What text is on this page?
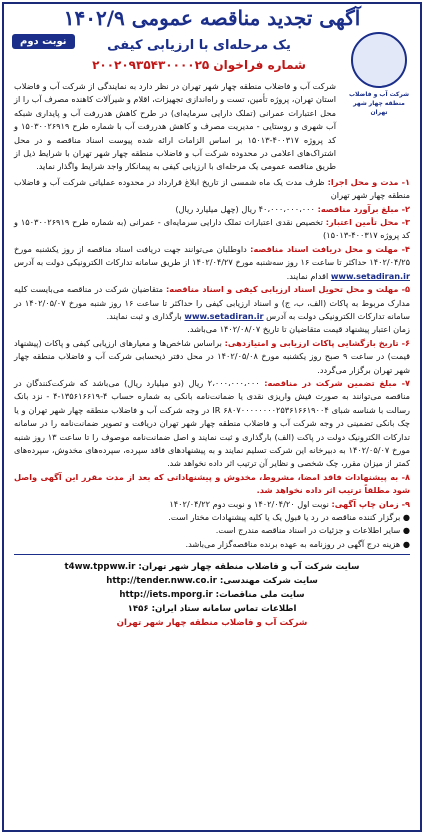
آگهی تجدید مناقصه عمومی ۱۴۰۲/۹
نوبت دوم
شرکت آب و فاضلاب منطقه چهار شهر تهران
یک مرحله‌ای با ارزیابی کیفی
شماره فراخوان ۲۰۰۲۰۹۳۵۴۳۰۰۰۰۲۵

شرکت آب و فاضلاب منطقه چهار شهر تهران در نظر دارد به نمایندگی از شرکت آب و فاضلاب استان تهران، پروژه تأمین، تست و راه‌اندازی تجهیزات، اقلام و شیرآلات کاهنده مصرف آب را از محل اعتبارات عمرانی (تملک دارایی سرمایه‌ای) در طرح کاهش هدررفت آب و پایداری شبکه آب شهری و روستایی - مدیریت مصرف و کاهش هدررفت آب با شماره طرح ۱۵۰۳۰۰۲۶۹۱۹ و کد پروژه ۴۰۰۳۱۷-۱۵۰۱۳ بر اساس الزامات ارائه شده پیوست اسناد مناقصه و در محل اشتراک‌های اعلامی در محدوده شرکت آب و فاضلاب منطقه چهار شهر تهران با شرایط ذیل از طریق مناقصه عمومی یک مرحله‌ای با ارزیابی کیفی به پیمانکار واجد شرایط واگذار نماید.

۱- مدت و محل اجرا: ظرف مدت یک ماه شمسی از تاریخ ابلاغ قرارداد در محدوده عملیاتی شرکت آب و فاضلاب منطقه چهار شهر تهران

۲- مبلغ برآورد مناقصه: ۴۰،۰۰۰،۰۰۰،۰۰۰ ریال (چهل میلیارد ریال)

۳- محل تأمین اعتبار: تخصیص نقدی اعتبارات تملک دارایی سرمایه‌ای - عمرانی (به شماره طرح ۱۵۰۳۰۰۲۶۹۱۹ و کد پروژه ۴۰۰۳۱۷-۱۵۰۱۳)

۴- مهلت و محل دریافت اسناد مناقصه: داوطلبان می‌توانند جهت دریافت اسناد مناقصه از روز یکشنبه مورخ ۱۴۰۲/۰۴/۲۵ حداکثر تا ساعت ۱۶ روز سه‌شنبه مورخ ۱۴۰۲/۰۴/۲۷ از طریق سامانه تدارکات الکترونیکی دولت به آدرس www.setadiran.ir اقدام نمایند.

۵- مهلت و محل تحویل اسناد ارزیابی کیفی و اسناد مناقصه: متقاضیان شرکت در مناقصه می‌بایست کلیه مدارک مربوط به پاکات (الف، ب، ج) و اسناد ارزیابی کیفی را حداکثر تا ساعت ۱۶ روز شنبه مورخ ۱۴۰۲/۰۵/۰۷ در سامانه تدارکات الکترونیکی دولت به آدرس www.setadiran.ir بارگذاری و ثبت نمایند.

زمان اعتبار پیشنهاد قیمت متقاضیان تا تاریخ ۱۴۰۲/۰۸/۰۷ می‌باشد.

۶- تاریخ بازگشایی پاکات ارزیابی و امتیازدهی: براساس شاخص‌ها و معیارهای ارزیابی کیفی و پاکات (پیشنهاد قیمت) در ساعت ۹ صبح روز یکشنبه مورخ ۱۴۰۲/۰۵/۰۸ در محل دفتر ذیحسابی شرکت آب و فاضلاب منطقه چهار شهر تهران برگزار می‌گردد.

۷- مبلغ تضمین شرکت در مناقصه: ۲،۰۰۰،۰۰۰،۰۰۰ ریال (دو میلیارد ریال) می‌باشد که شرکت‌کنندگان در مناقصه می‌توانند به صورت فیش واریزی نقدی یا ضمانت‌نامه بانکی به شماره حساب ۴-۱۳۵۶۱۶۶۱۹-۴ - نزد بانک رسالت با شناسه شبای IR ۶۸۰۷۰۰۰۰۰۰۰۰۲۵۳۶۱۶۶۱۹۰۰۴ در وجه شرکت آب و فاضلاب منطقه چهار شهر تهران و یا چک بانکی تضمینی در وجه شرکت آب و فاضلاب منطقه چهار شهر تهران دریافت و تصویر ضمانت‌نامه را در سامانه تدارکات الکترونیک دولت در پاکت (الف) بارگذاری و ثبت نمایند و اصل ضمانت‌نامه موصوف را تا ساعت ۱۳ روز شنبه مورخ ۱۴۰۲/۰۵/۰۷ به دبیرخانه این شرکت تسلیم نمایند و به پیشنهادهای فاقد سپرده، سپرده‌های مخدوش، سپرده‌های کمتر از میزان مقرر، چک شخصی و نظایر آن ترتیب اثر داده نخواهد شد.

۸- به پیشنهادات فاقد امضا، مشروط، مخدوش و پیشنهاداتی که بعد از مدت مقرر این آگهی واصل شود مطلقاً ترتیب اثر داده نخواهد شد.

۹- زمان چاپ آگهی: نوبت اول ۱۴۰۲/۰۴/۲۰ و نوبت دوم ۱۴۰۲/۰۴/۲۲

● برگزار کننده مناقصه در رد یا قبول یک یا کلیه پیشنهادات مختار است.

● سایر اطلاعات و جزئیات در اسناد مناقصه مندرج است.

● هزینه درج آگهی در روزنامه به عهده برنده مناقصه‌گزار می‌باشد.

سایت شرکت آب و فاضلاب منطقه چهار شهر تهران: t4ww.tppww.ir
سایت شرکت مهندسی: http://tender.nww.co.ir
سایت ملی مناقصات: http://iets.mporg.ir
اطلاعات تماس سامانه ستاد ایران: ۱۴۵۶
شرکت آب و فاضلاب منطقه چهار شهر تهران
